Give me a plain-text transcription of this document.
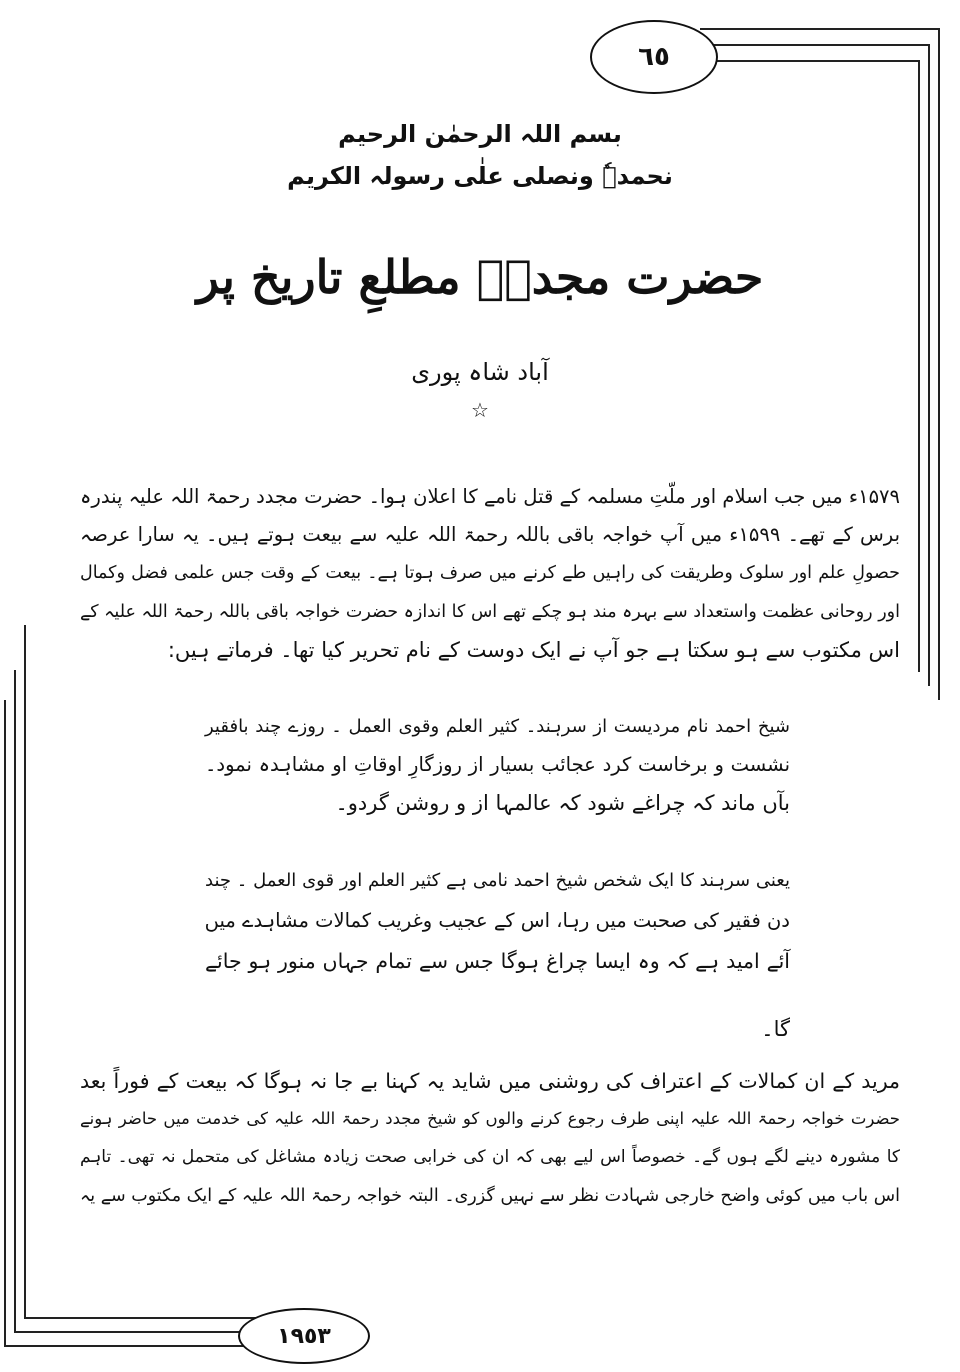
٦٥
١٩٥٣
بسم اللہ الرحمٰن الرحیم
نحمدہٗ ونصلی علٰی رسولہ الکریم
حضرت مجددؒ مطلعِ تاریخ پر
آباد شاہ پوری
☆
۱۵۷۹ء میں جب اسلام اور ملّتِ مسلمہ کے قتل نامے کا اعلان ہوا۔ حضرت مجدد رحمۃ اللہ علیہ پندرہ
برس کے تھے۔ ۱۵۹۹ء میں آپ خواجہ باقی باللہ رحمۃ اللہ علیہ سے بیعت ہوتے ہیں۔ یہ سارا عرصہ
حصولِ علم اور سلوک وطریقت کی راہیں طے کرنے میں صرف ہوتا ہے۔ بیعت کے وقت جس علمی فضل وکمال
اور روحانی عظمت واستعداد سے بہرہ مند ہو چکے تھے اس کا اندازہ حضرت خواجہ باقی باللہ رحمۃ اللہ علیہ کے
اس مکتوب سے ہو سکتا ہے جو آپ نے ایک دوست کے نام تحریر کیا تھا۔ فرماتے ہیں:
شیخ احمد نام مردیست از سرہند۔ کثیر العلم وقوی العمل ۔ روزے چند بافقیر
نشست و برخاست کرد عجائب بسیار از روزگارِ اوقاتِ او مشاہدہ نمود۔
بآں ماند کہ چراغے شود کہ عالمہا از و روشن گردو۔
یعنی سرہند کا ایک شخص شیخ احمد نامی ہے کثیر العلم اور قوی العمل ۔ چند
دن فقیر کی صحبت میں رہا، اس کے عجیب وغریب کمالات مشاہدے میں
آئے امید ہے کہ وہ ایسا چراغ ہوگا جس سے تمام جہاں منور ہو جائے
گا۔
مرید کے ان کمالات کے اعتراف کی روشنی میں شاید یہ کہنا بے جا نہ ہوگا کہ بیعت کے فوراً بعد
حضرت خواجہ رحمۃ اللہ علیہ اپنی طرف رجوع کرنے والوں کو شیخ مجدد رحمۃ اللہ علیہ کی خدمت میں حاضر ہونے
کا مشورہ دینے لگے ہوں گے۔ خصوصاً اس لیے بھی کہ ان کی خرابی صحت زیادہ مشاغل کی متحمل نہ تھی۔ تاہم
اس باب میں کوئی واضح خارجی شہادت نظر سے نہیں گزری۔ البتہ خواجہ رحمۃ اللہ علیہ کے ایک مکتوب سے یہ
